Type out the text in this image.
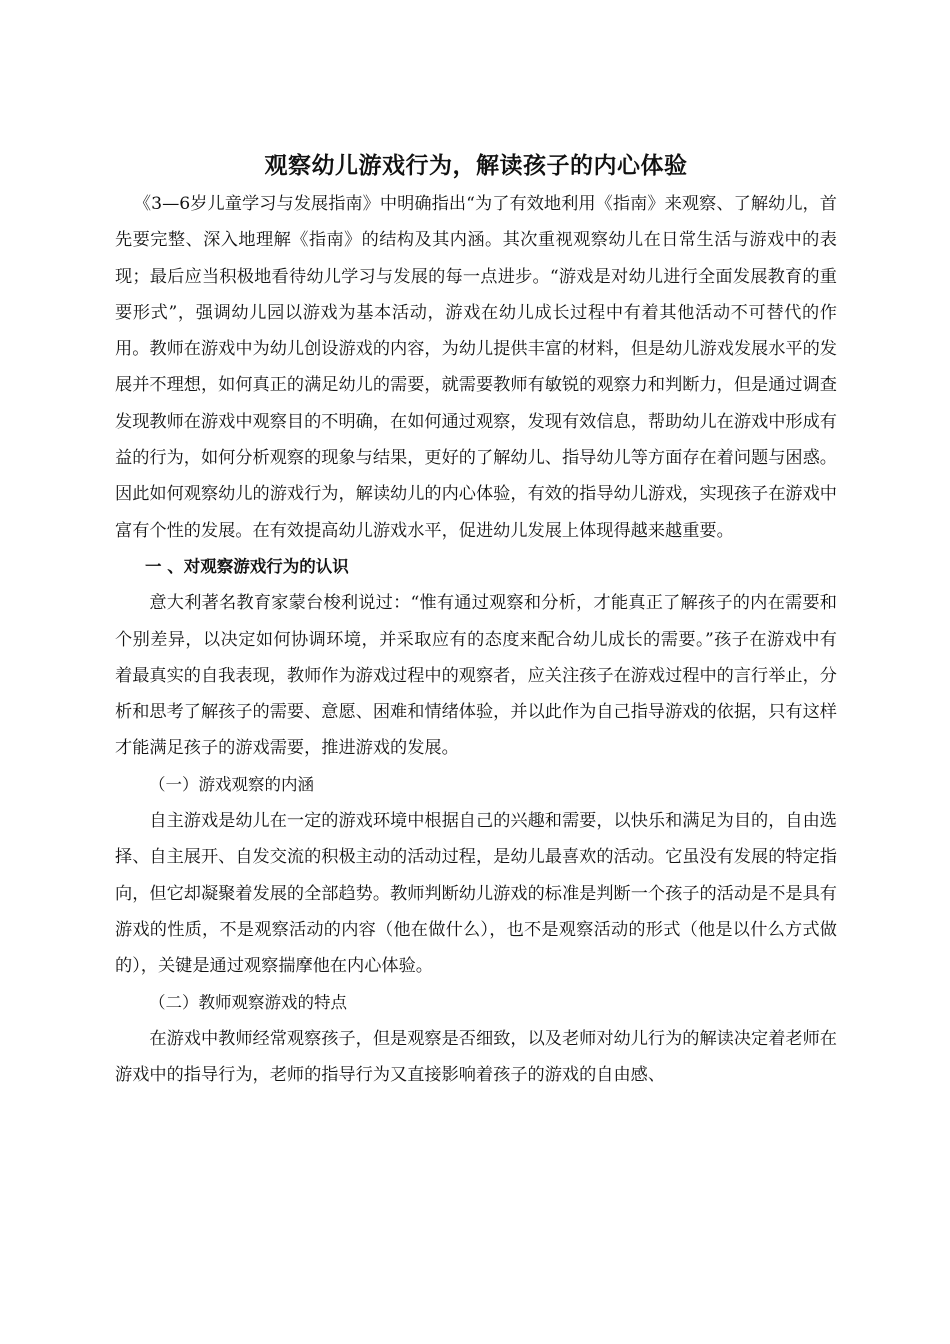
观察幼儿游戏行为，解读孩子的内心体验

《3—6岁儿童学习与发展指南》中明确指出“为了有效地利用《指南》来观察、了解幼儿，首先要完整、深入地理解《指南》的结构及其内涵。其次重视观察幼儿在日常生活与游戏中的表现；最后应当积极地看待幼儿学习与发展的每一点进步。“游戏是对幼儿进行全面发展教育的重要形式”，强调幼儿园以游戏为基本活动，游戏在幼儿成长过程中有着其他活动不可替代的作用。教师在游戏中为幼儿创设游戏的内容，为幼儿提供丰富的材料，但是幼儿游戏发展水平的发展并不理想，如何真正的满足幼儿的需要，就需要教师有敏锐的观察力和判断力，但是通过调查发现教师在游戏中观察目的不明确，在如何通过观察，发现有效信息，帮助幼儿在游戏中形成有益的行为，如何分析观察的现象与结果，更好的了解幼儿、指导幼儿等方面存在着问题与困惑。因此如何观察幼儿的游戏行为，解读幼儿的内心体验，有效的指导幼儿游戏，实现孩子在游戏中富有个性的发展。在有效提高幼儿游戏水平，促进幼儿发展上体现得越来越重要。

一 、对观察游戏行为的认识

意大利著名教育家蒙台梭利说过：“惟有通过观察和分析，才能真正了解孩子的内在需要和个别差异，以决定如何协调环境，并采取应有的态度来配合幼儿成长的需要。”孩子在游戏中有着最真实的自我表现，教师作为游戏过程中的观察者，应关注孩子在游戏过程中的言行举止，分析和思考了解孩子的需要、意愿、困难和情绪体验，并以此作为自己指导游戏的依据，只有这样才能满足孩子的游戏需要，推进游戏的发展。

（一）游戏观察的内涵

自主游戏是幼儿在一定的游戏环境中根据自己的兴趣和需要，以快乐和满足为目的，自由选择、自主展开、自发交流的积极主动的活动过程，是幼儿最喜欢的活动。它虽没有发展的特定指向，但它却凝聚着发展的全部趋势。教师判断幼儿游戏的标准是判断一个孩子的活动是不是具有游戏的性质，不是观察活动的内容（他在做什么），也不是观察活动的形式（他是以什么方式做的），关键是通过观察揣摩他在内心体验。

（二）教师观察游戏的特点

在游戏中教师经常观察孩子，但是观察是否细致，以及老师对幼儿行为的解读决定着老师在游戏中的指导行为，老师的指导行为又直接影响着孩子的游戏的自由感、
